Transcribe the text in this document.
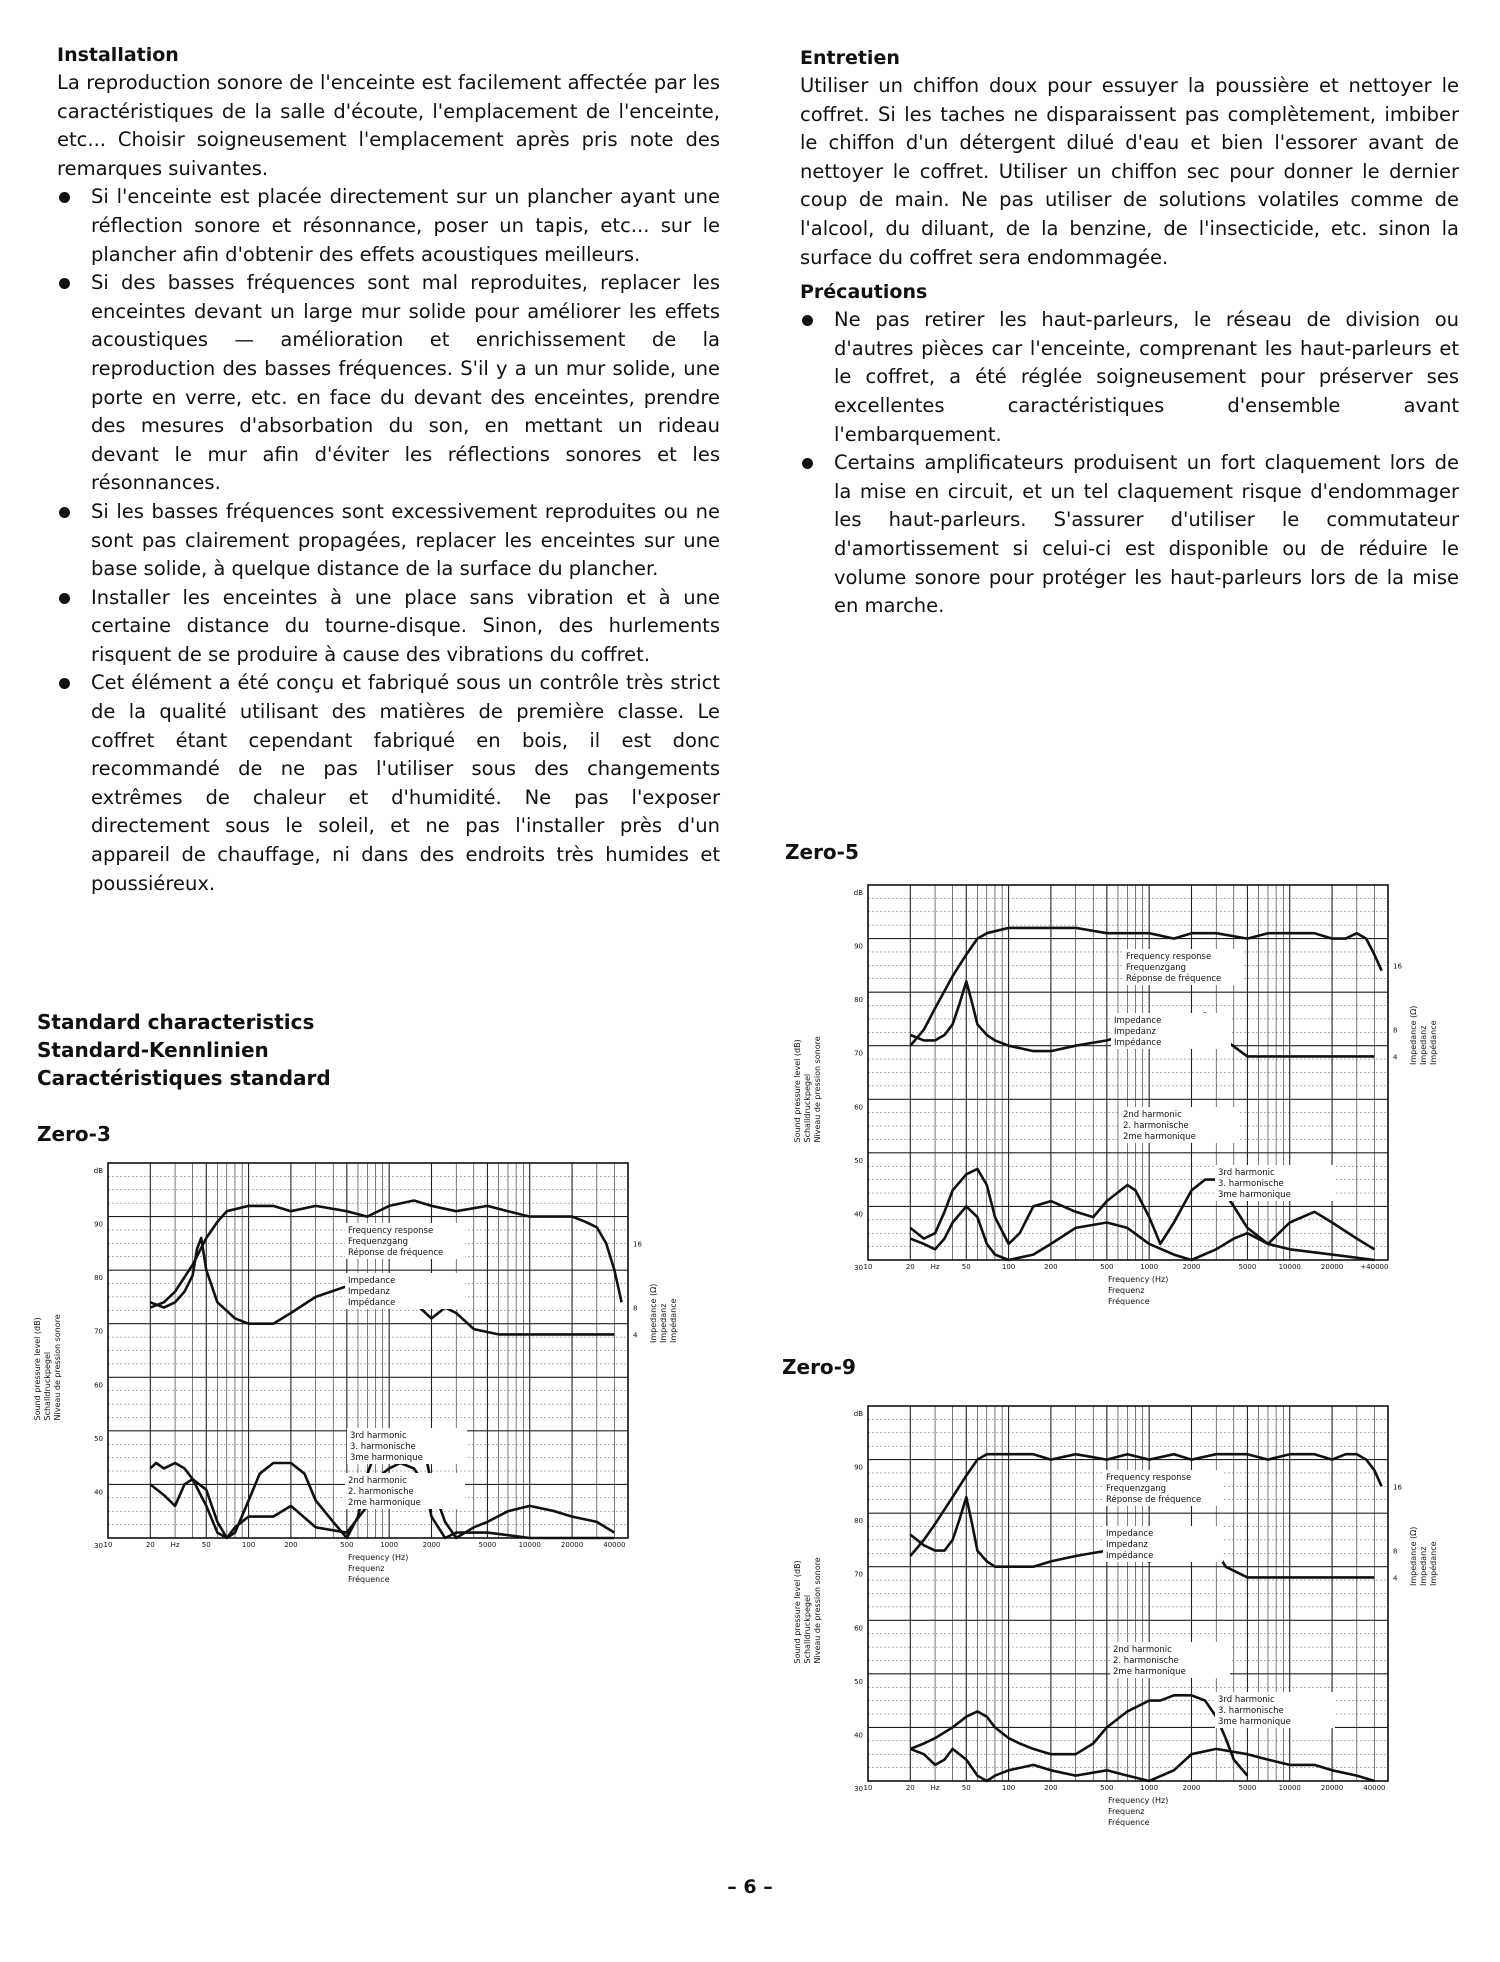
Installation

La reproduction sonore de l'enceinte est facilement affectée par les caractéristiques de la salle d'écoute, l'emplacement de l'enceinte, etc... Choisir soigneusement l'emplacement après pris note des remarques suivantes.

Si l'enceinte est placée directement sur un plancher ayant une réflection sonore et résonnance, poser un tapis, etc... sur le plancher afin d'obtenir des effets acoustiques meilleurs.
Si des basses fréquences sont mal reproduites, replacer les enceintes devant un large mur solide pour améliorer les effets acoustiques — amélioration et enrichissement de la reproduction des basses fréquences. S'il y a un mur solide, une porte en verre, etc. en face du devant des enceintes, prendre des mesures d'absorbation du son, en mettant un rideau devant le mur afin d'éviter les réflections sonores et les résonnances.
Si les basses fréquences sont excessivement reproduites ou ne sont pas clairement propagées, replacer les enceintes sur une base solide, à quelque distance de la surface du plancher.
Installer les enceintes à une place sans vibration et à une certaine distance du tourne-disque. Sinon, des hurlements risquent de se produire à cause des vibrations du coffret.
Cet élément a été conçu et fabriqué sous un contrôle très strict de la qualité utilisant des matières de première classe. Le coffret étant cependant fabriqué en bois, il est donc recommandé de ne pas l'utiliser sous des changements extrêmes de chaleur et d'humidité. Ne pas l'exposer directement sous le soleil, et ne pas l'installer près d'un appareil de chauffage, ni dans des endroits très humides et poussiéreux.
Entretien

Utiliser un chiffon doux pour essuyer la poussière et nettoyer le coffret. Si les taches ne disparaissent pas complètement, imbiber le chiffon d'un détergent dilué d'eau et bien l'essorer avant de nettoyer le coffret. Utiliser un chiffon sec pour donner le dernier coup de main. Ne pas utiliser de solutions volatiles comme de l'alcool, du diluant, de la benzine, de l'insecticide, etc. sinon la surface du coffret sera endommagée.

Précautions
Ne pas retirer les haut-parleurs, le réseau de division ou d'autres pièces car l'enceinte, comprenant les haut-parleurs et le coffret, a été réglée soigneusement pour préserver ses excellentes caractéristiques d'ensemble avant l'embarquement.
Certains amplificateurs produisent un fort claquement lors de la mise en circuit, et un tel claquement risque d'endommager les haut-parleurs. S'assurer d'utiliser le commutateur d'amortissement si celui-ci est disponible ou de réduire le volume sonore pour protéger les haut-parleurs lors de la mise en marche.
Standard characteristics
Standard-Kennlinien
Caractéristiques standard
Zero-3
Zero-5
Zero-9
30
40
50
60
70
80
90
dB
16
8
4
10	20 Hz	50	100	200	500	1000	2000	5000	10000	20000	40000
Sound pressure level (dB) Schalldruckpegel Niveau de pression sonore
Impedance (Ω) Impedanz Impédance
Frequency (Hz)
Frequenz
Fréquence
Frequency response
Frequenzgang
Réponse de fréquence
Impedance
Impedanz
Impédance
3rd harmonic
3. harmonische
3me harmonique
2nd harmonic
2. harmonische
2me harmonique
30
40
50
60
70
80
90
dB
16
8
4
10	20 Hz	50	100	200	500	1000	2000	5000	10000	20000 +40000
Sound pressure level (dB) Schalldruckpegel Niveau de pression sonore
Impedance (Ω) Impedanz Impédance
Frequency (Hz)
Frequenz
Fréquence
Frequency response
Frequenzgang
Réponse de fréquence
Impedance
Impedanz
Impédance
2nd harmonic
2. harmonische
2me harmonique
3rd harmonic
3. harmonische
3me harmonique
30
40
50
60
70
80
90
dB
16
8
4
10	20 Hz	50	100	200	500	1000	2000	5000	10000	20000	40000
Sound pressure level (dB) Schalldruckpegel Niveau de pression sonore
Impedance (Ω) Impedanz Impédance
Frequency (Hz)
Frequenz
Fréquence
Frequency response
Frequenzgang
Réponse de fréquence
Impedance
Impedanz
Impédance
2nd harmonic
2. harmonische
2me harmonique
3rd harmonic
3. harmonische
3me harmonique
– 6 –
